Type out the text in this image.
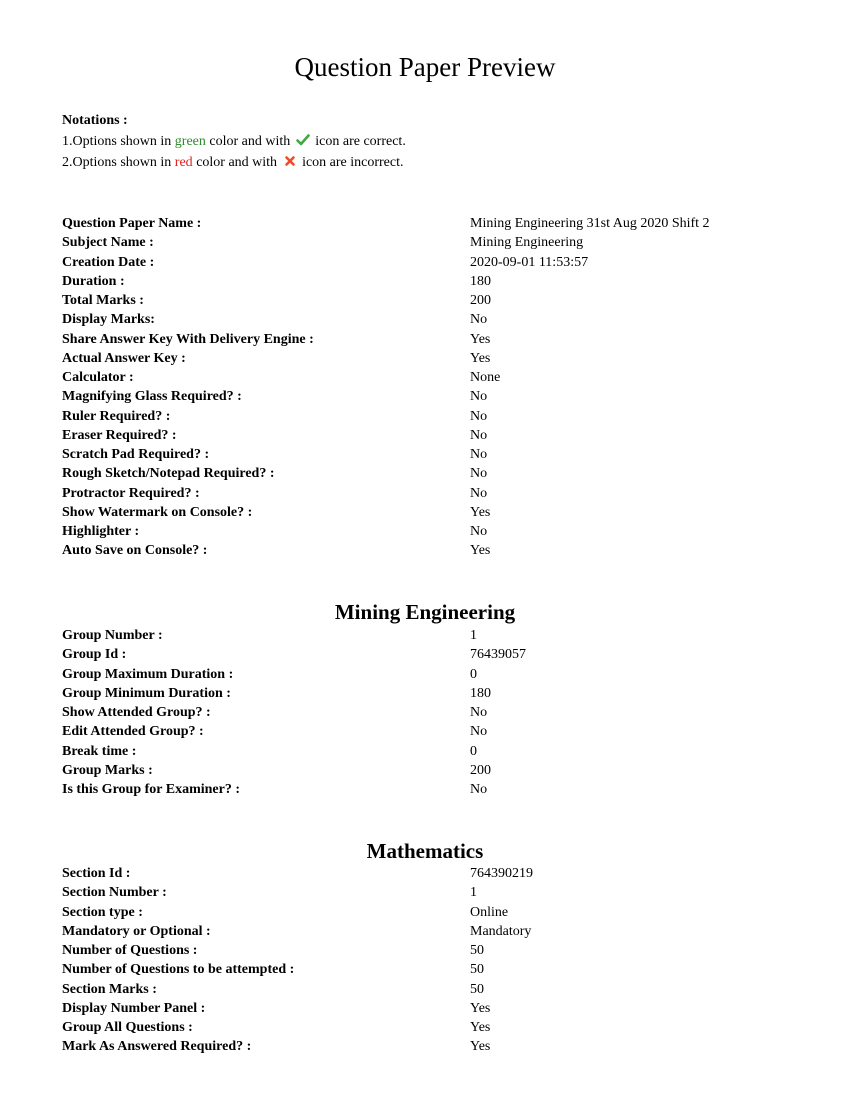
Question Paper Preview
Notations :
1.Options shown in green color and with  icon are correct.
2.Options shown in red color and with  icon are incorrect.
Question Paper Name :	Mining Engineering 31st Aug 2020 Shift 2
Subject Name :	Mining Engineering
Creation Date :	2020-09-01 11:53:57
Duration :	180
Total Marks :	200
Display Marks:	No
Share Answer Key With Delivery Engine :	Yes
Actual Answer Key :	Yes
Calculator :	None
Magnifying Glass Required? :	No
Ruler Required? :	No
Eraser Required? :	No
Scratch Pad Required? :	No
Rough Sketch/Notepad Required? :	No
Protractor Required? :	No
Show Watermark on Console? :	Yes
Highlighter :	No
Auto Save on Console? :	Yes
Mining Engineering
Group Number :	1
Group Id :	76439057
Group Maximum Duration :	0
Group Minimum Duration :	180
Show Attended Group? :	No
Edit Attended Group? :	No
Break time :	0
Group Marks :	200
Is this Group for Examiner? :	No
Mathematics
Section Id :	764390219
Section Number :	1
Section type :	Online
Mandatory or Optional :	Mandatory
Number of Questions :	50
Number of Questions to be attempted :	50
Section Marks :	50
Display Number Panel :	Yes
Group All Questions :	Yes
Mark As Answered Required? :	Yes
